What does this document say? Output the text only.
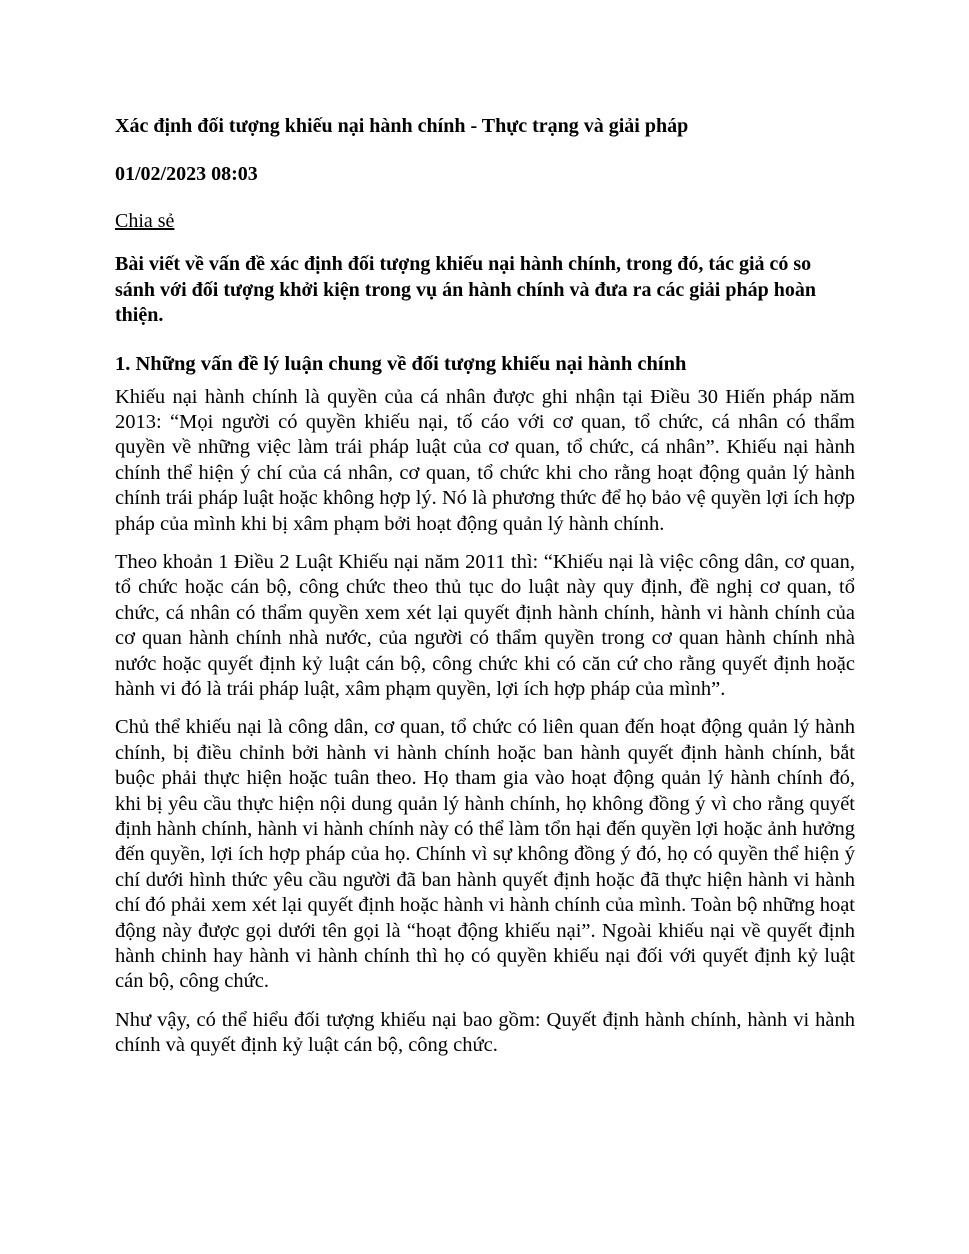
Xác định đối tượng khiếu nại hành chính - Thực trạng và giải pháp
01/02/2023 08:03
Chia sẻ
Bài viết về vấn đề xác định đối tượng khiếu nại hành chính, trong đó, tác giả có so sánh với đối tượng khởi kiện trong vụ án hành chính và đưa ra các giải pháp hoàn thiện.
1. Những vấn đề lý luận chung về đối tượng khiếu nại hành chính

Khiếu nại hành chính là quyền của cá nhân được ghi nhận tại Điều 30 Hiến pháp năm 2013: “Mọi người có quyền khiếu nại, tố cáo với cơ quan, tổ chức, cá nhân có thẩm quyền về những việc làm trái pháp luật của cơ quan, tổ chức, cá nhân”. Khiếu nại hành chính thể hiện ý chí của cá nhân, cơ quan, tổ chức khi cho rằng hoạt động quản lý hành chính trái pháp luật hoặc không hợp lý. Nó là phương thức để họ bảo vệ quyền lợi ích hợp pháp của mình khi bị xâm phạm bởi hoạt động quản lý hành chính.

Theo khoản 1 Điều 2 Luật Khiếu nại năm 2011 thì: “Khiếu nại là việc công dân, cơ quan, tổ chức hoặc cán bộ, công chức theo thủ tục do luật này quy định, đề nghị cơ quan, tổ chức, cá nhân có thẩm quyền xem xét lại quyết định hành chính, hành vi hành chính của cơ quan hành chính nhà nước, của người có thẩm quyền trong cơ quan hành chính nhà nước hoặc quyết định kỷ luật cán bộ, công chức khi có căn cứ cho rằng quyết định hoặc hành vi đó là trái pháp luật, xâm phạm quyền, lợi ích hợp pháp của mình”.

Chủ thể khiếu nại là công dân, cơ quan, tổ chức có liên quan đến hoạt động quản lý hành chính, bị điều chỉnh bởi hành vi hành chính hoặc ban hành quyết định hành chính, bắt buộc phải thực hiện hoặc tuân theo. Họ tham gia vào hoạt động quản lý hành chính đó, khi bị yêu cầu thực hiện nội dung quản lý hành chính, họ không đồng ý vì cho rằng quyết định hành chính, hành vi hành chính này có thể làm tổn hại đến quyền lợi hoặc ảnh hưởng đến quyền, lợi ích hợp pháp của họ. Chính vì sự không đồng ý đó, họ có quyền thể hiện ý chí dưới hình thức yêu cầu người đã ban hành quyết định hoặc đã thực hiện hành vi hành chí đó phải xem xét lại quyết định hoặc hành vi hành chính của mình. Toàn bộ những hoạt động này được gọi dưới tên gọi là “hoạt động khiếu nại”. Ngoài khiếu nại về quyết định hành chinh hay hành vi hành chính thì họ có quyền khiếu nại đối với quyết định kỷ luật cán bộ, công chức.

Như vậy, có thể hiểu đối tượng khiếu nại bao gồm: Quyết định hành chính, hành vi hành chính và quyết định kỷ luật cán bộ, công chức.
